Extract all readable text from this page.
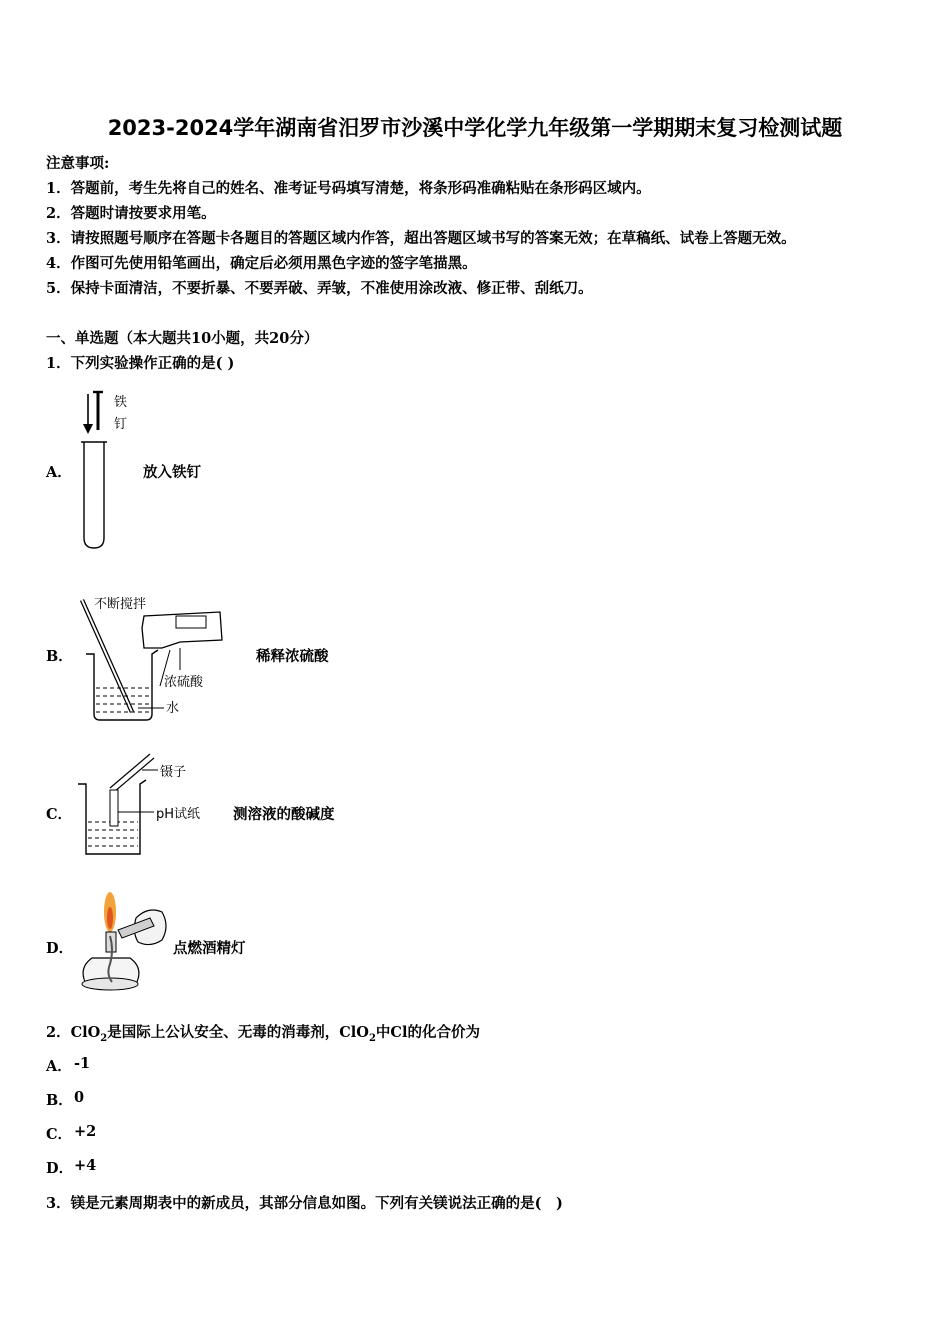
2023-2024学年湖南省汨罗市沙溪中学化学九年级第一学期期末复习检测试题
注意事项:
1．答题前，考生先将自己的姓名、准考证号码填写清楚，将条形码准确粘贴在条形码区域内。
2．答题时请按要求用笔。
3．请按照题号顺序在答题卡各题目的答题区域内作答，超出答题区域书写的答案无效；在草稿纸、试卷上答题无效。
4．作图可先使用铅笔画出，确定后必须用黑色字迹的签字笔描黑。
5．保持卡面清洁，不要折暴、不要弄破、弄皱，不准使用涂改液、修正带、刮纸刀。
一、单选题（本大题共10小题，共20分）
1．下列实验操作正确的是( )
铁
钉
A．	放入铁钉
不断搅拌
浓硫酸
水
B．	稀释浓硫酸
镊子
pH试纸
C．	测溶液的酸碱度
D．	点燃酒精灯
2．ClO$_2$是国际上公认安全、无毒的消毒剂，ClO$_2$中Cl的化合价为
A． -1
B． 0
C． +2
D． +4
3．镁是元素周期表中的新成员，其部分信息如图。下列有关镁说法正确的是(　)
